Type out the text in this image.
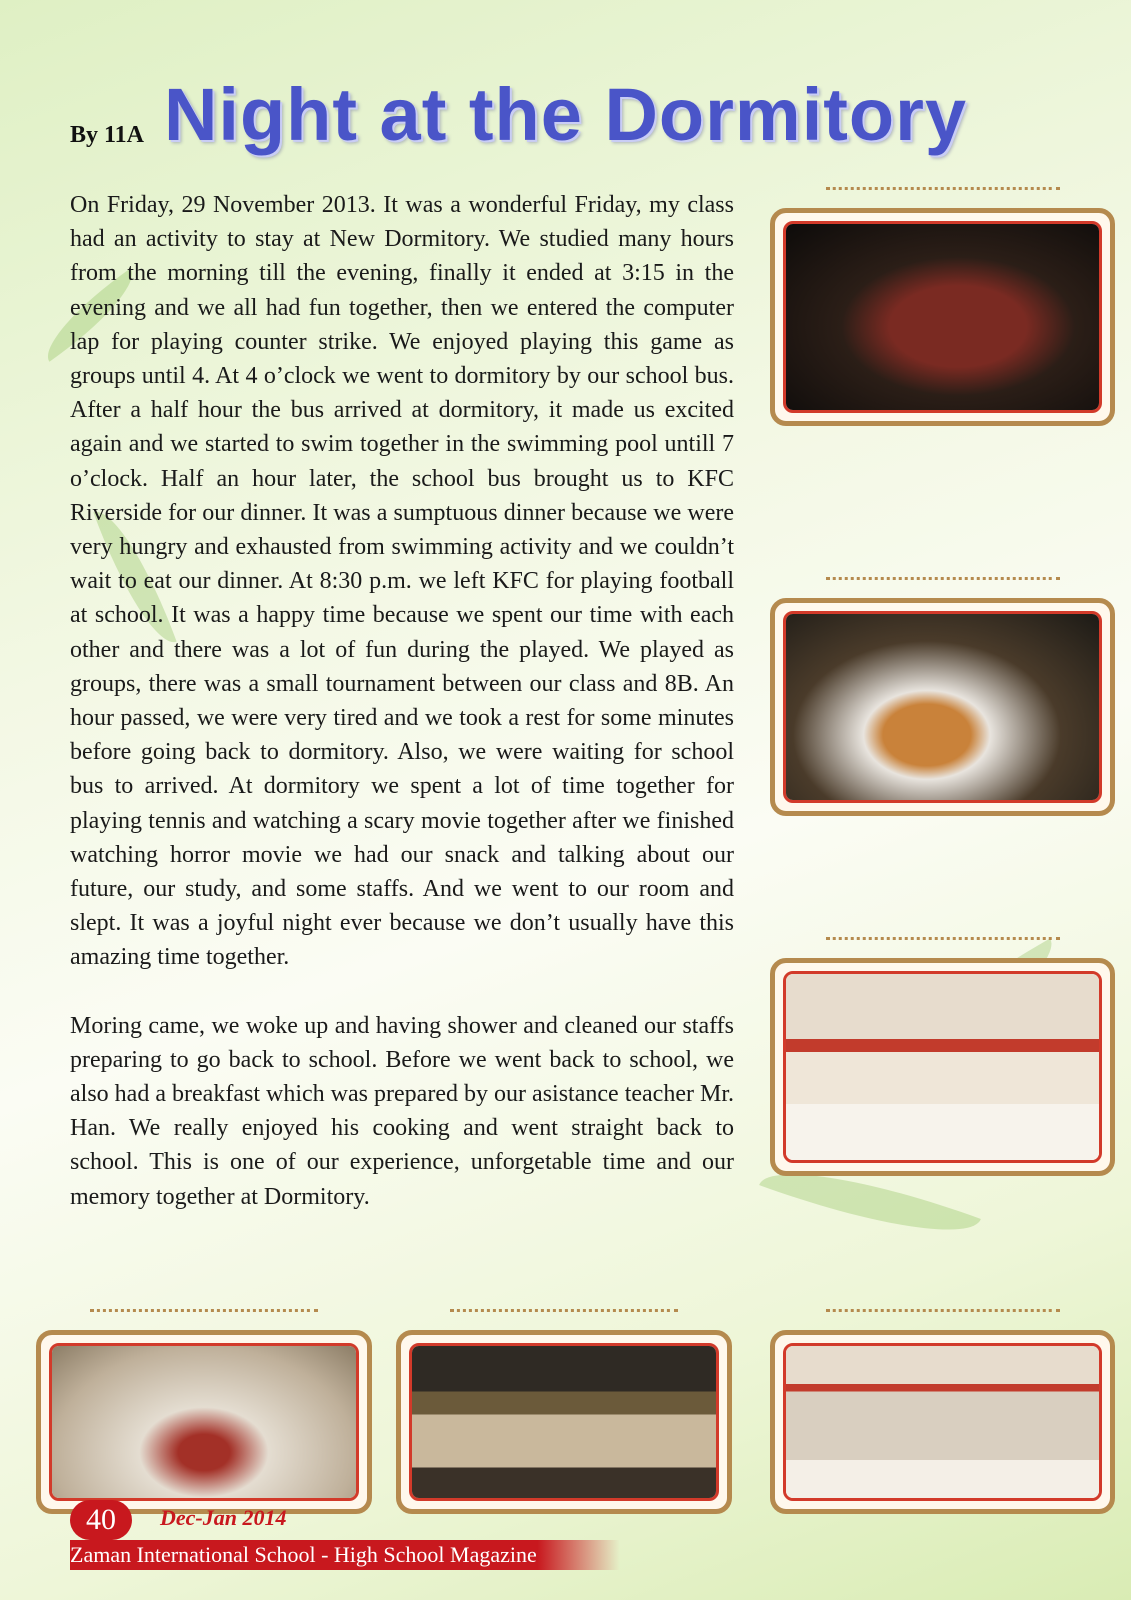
Night at the Dormitory
By 11A

On Friday, 29 November 2013. It was a wonderful Friday, my class had an activity to stay at New Dormitory. We studied many hours from the morning till the evening, finally it ended at 3:15 in the evening and we all had fun together, then we entered the computer lap for playing counter strike. We enjoyed playing this game as groups until 4. At 4 o’clock we went to dormitory by our school bus. After a half hour the bus arrived at dormitory, it made us excited again and we started to swim together in the swimming pool untill 7 o’clock. Half an hour later, the school bus brought us to KFC Riverside for our dinner. It was a sumptuous dinner because we were very hungry and exhausted from swimming activity and we couldn’t wait to eat our dinner. At 8:30 p.m. we left KFC for playing football at school. It was a happy time because we spent our time with each other and there was a lot of fun during the played. We played as groups, there was a small tournament between our class and 8B. An hour passed, we were very tired and we took a rest for some minutes before going back to dormitory. Also, we were waiting for school bus to arrived. At dormitory we spent a lot of time together for playing tennis and watching a scary movie together after we finished watching horror movie we had our snack and talking about our future, our study, and some staffs. And we went to our room and slept. It was a joyful night ever because we don’t usually have this amazing time together.

Moring came, we woke up and having shower and cleaned our staffs preparing to go back to school. Before we went back to school, we also had a breakfast which was prepared by our asistance teacher Mr. Han. We really enjoyed his cooking and went straight back to school. This is one of our experience, unforgetable time and our memory together at Dormitory.

40	Dec-Jan 2014
Zaman International School - High School Magazine
